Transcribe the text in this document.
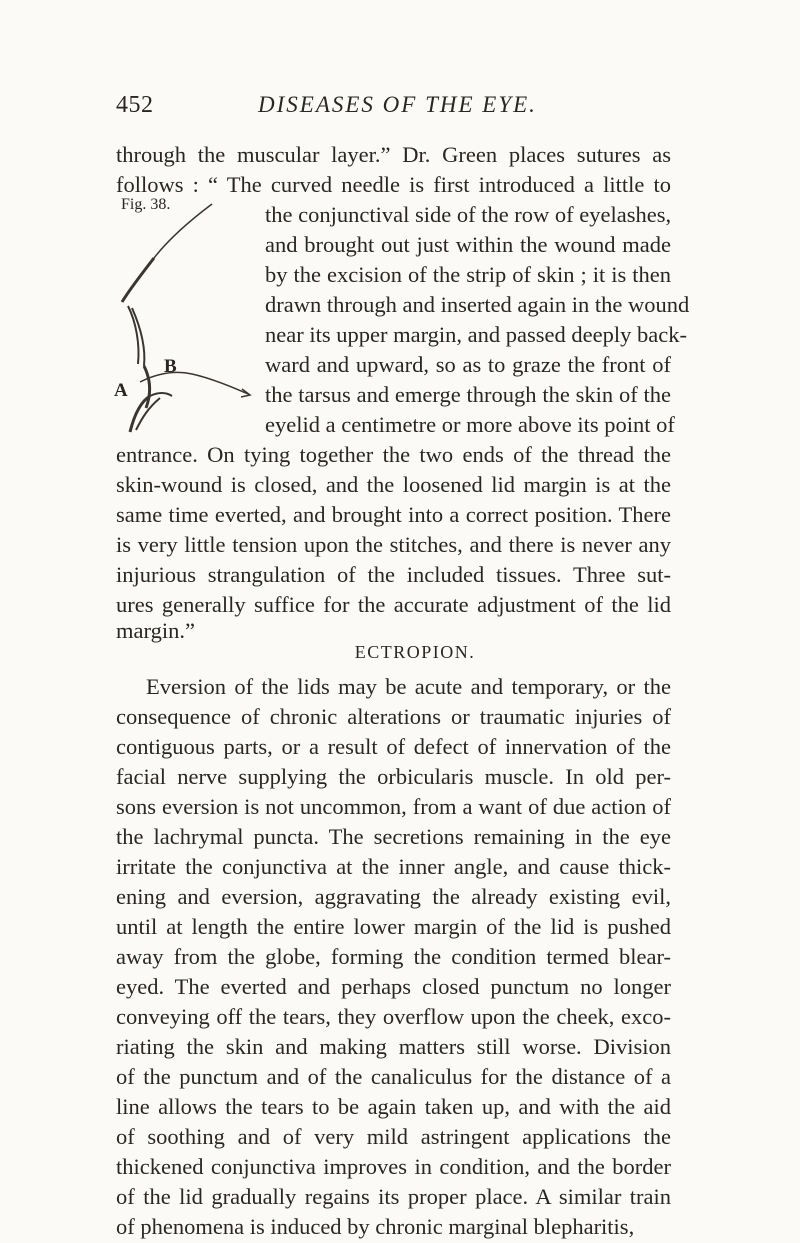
452	DISEASES OF THE EYE.
through the muscular layer.” Dr. Green places sutures as
follows : “ The curved needle is first introduced a little to
Fig. 38.
B
A
the conjunctival side of the row of eyelashes,
and brought out just within the wound made
by the excision of the strip of skin ; it is then
drawn through and inserted again in the wound
near its upper margin, and passed deeply back-
ward and upward, so as to graze the front of
the tarsus and emerge through the skin of the
eyelid a centimetre or more above its point of
entrance. On tying together the two ends of the thread the
skin-wound is closed, and the loosened lid margin is at the
same time everted, and brought into a correct position. There
is very little tension upon the stitches, and there is never any
injurious strangulation of the included tissues. Three sut-
ures generally suffice for the accurate adjustment of the lid
margin.”
ECTROPION.
Eversion of the lids may be acute and temporary, or the
consequence of chronic alterations or traumatic injuries of
contiguous parts, or a result of defect of innervation of the
facial nerve supplying the orbicularis muscle. In old per-
sons eversion is not uncommon, from a want of due action of
the lachrymal puncta. The secretions remaining in the eye
irritate the conjunctiva at the inner angle, and cause thick-
ening and eversion, aggravating the already existing evil,
until at length the entire lower margin of the lid is pushed
away from the globe, forming the condition termed blear-
eyed. The everted and perhaps closed punctum no longer
conveying off the tears, they overflow upon the cheek, exco-
riating the skin and making matters still worse. Division
of the punctum and of the canaliculus for the distance of a
line allows the tears to be again taken up, and with the aid
of soothing and of very mild astringent applications the
thickened conjunctiva improves in condition, and the border
of the lid gradually regains its proper place. A similar train
of phenomena is induced by chronic marginal blepharitis,
